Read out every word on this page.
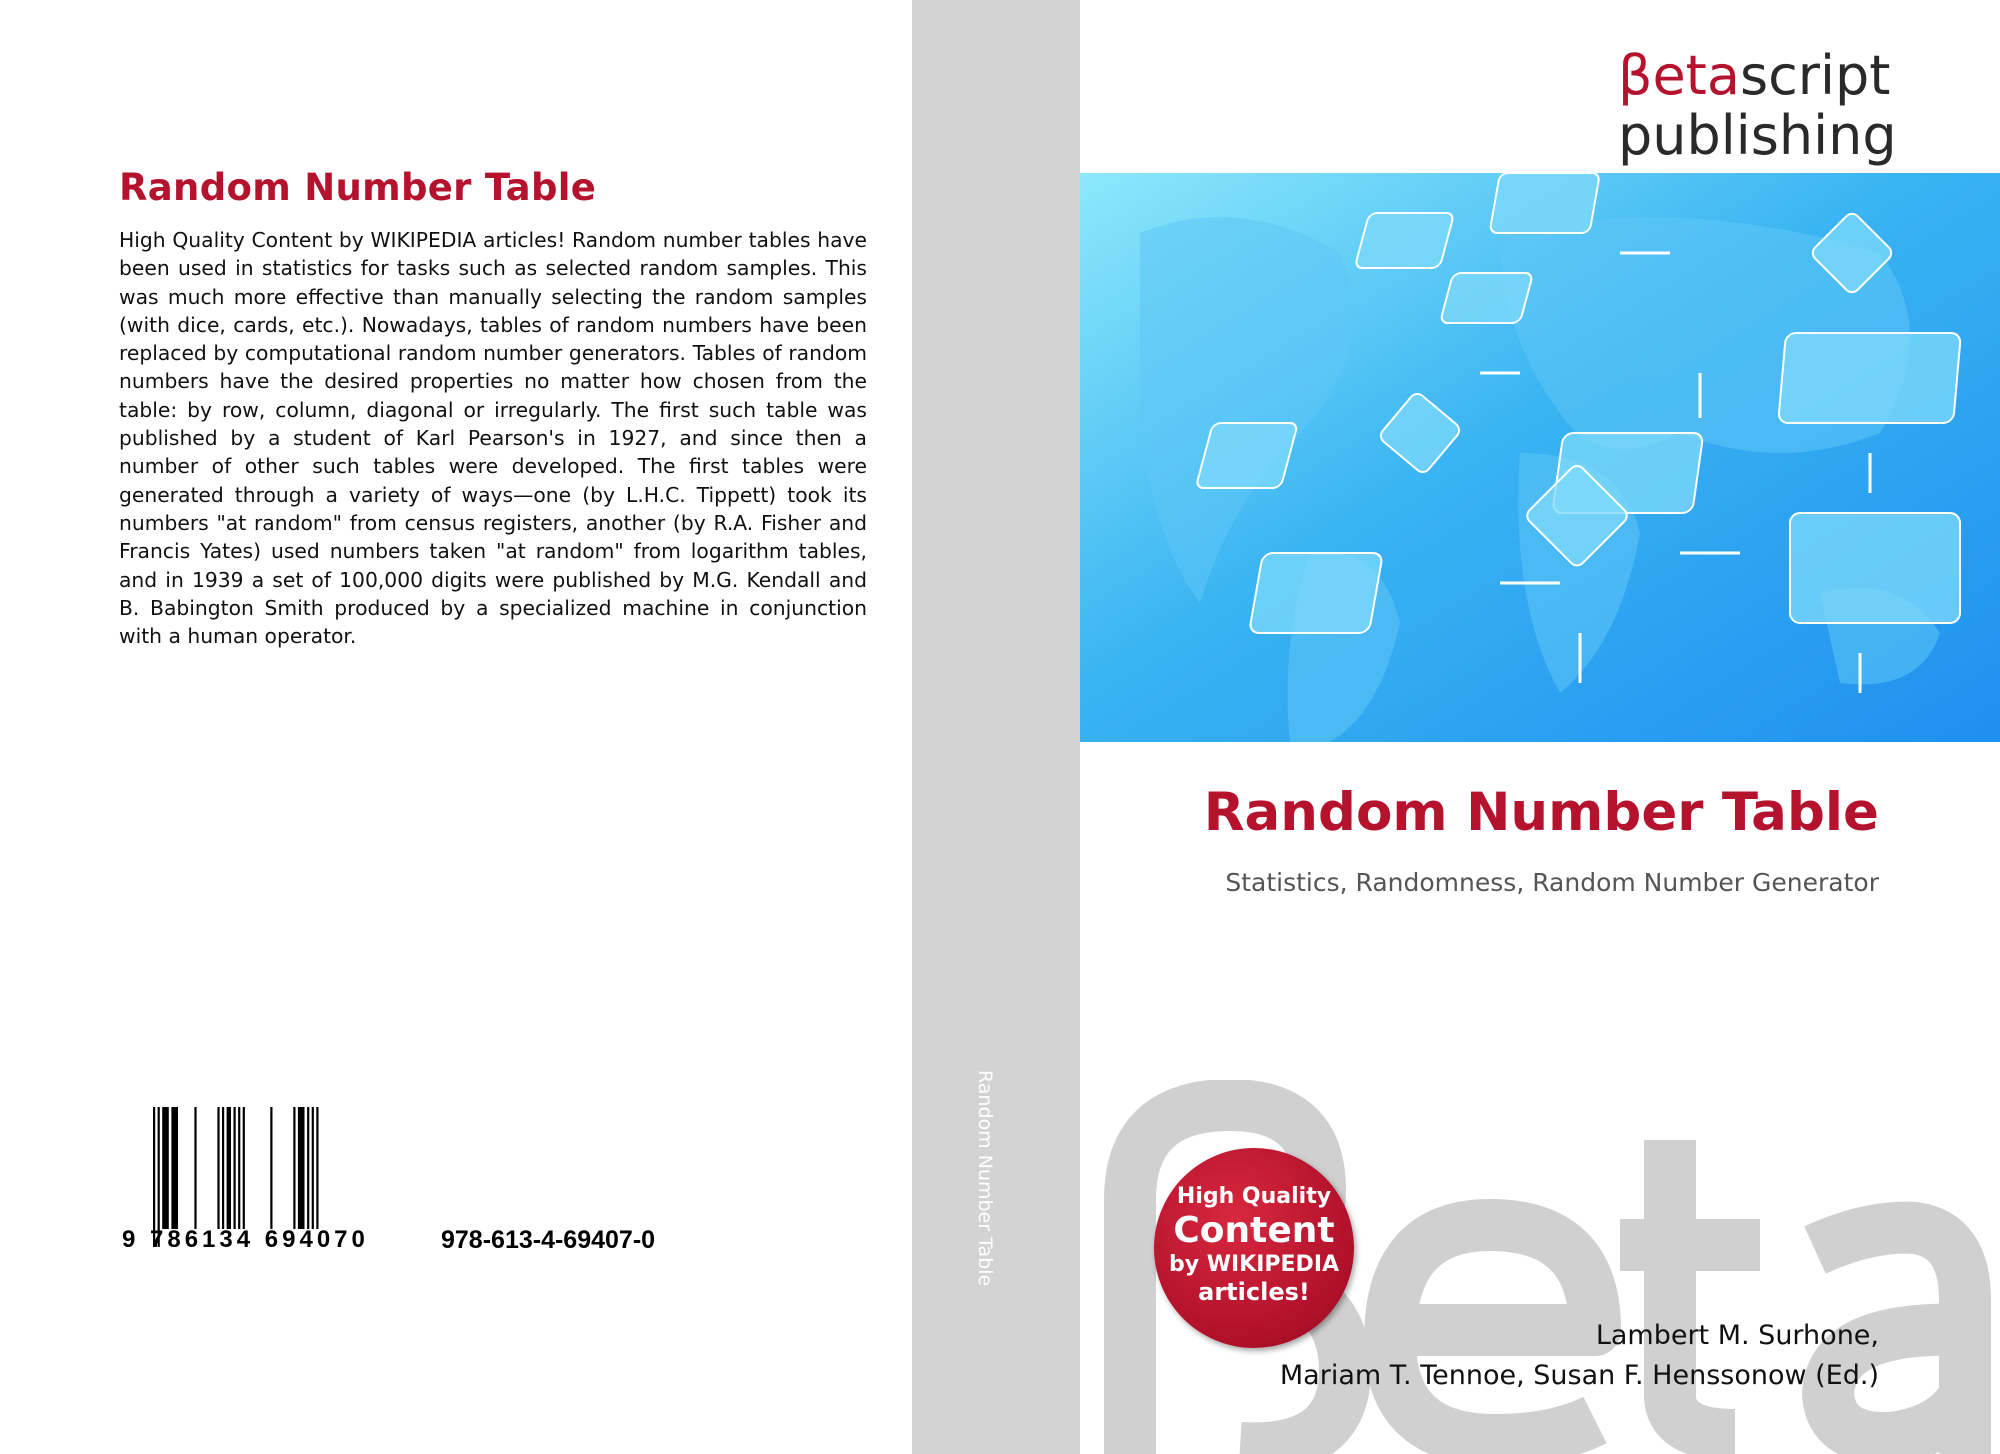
Random Number Table
Random Number Table
High Quality Content by WIKIPEDIA articles! Random number tables have been used in statistics for tasks such as selected random samples. This was much more effective than manually selecting the random samples (with dice, cards, etc.). Nowadays, tables of random numbers have been replaced by computational random number generators. Tables of random numbers have the desired properties no matter how chosen from the table: by row, column, diagonal or irregularly. The first such table was published by a student of Karl Pearson's in 1927, and since then a number of other such tables were developed. The first tables were generated through a variety of ways—one (by L.H.C. Tippett) took its numbers "at random" from census registers, another (by R.A. Fisher and Francis Yates) used numbers taken "at random" from logarithm tables, and in 1939 a set of 100,000 digits were published by M.G. Kendall and B. Babington Smith produced by a specialized machine in conjunction with a human operator.
9 786134 694070	978-613-4-69407-0
βetascript
publishing
Random Number Table
Statistics, Randomness, Random Number Generator
High Quality
Content
by WIKIPEDIA
articles!
Lambert M. Surhone,
Mariam T. Tennoe, Susan F. Henssonow (Ed.)
